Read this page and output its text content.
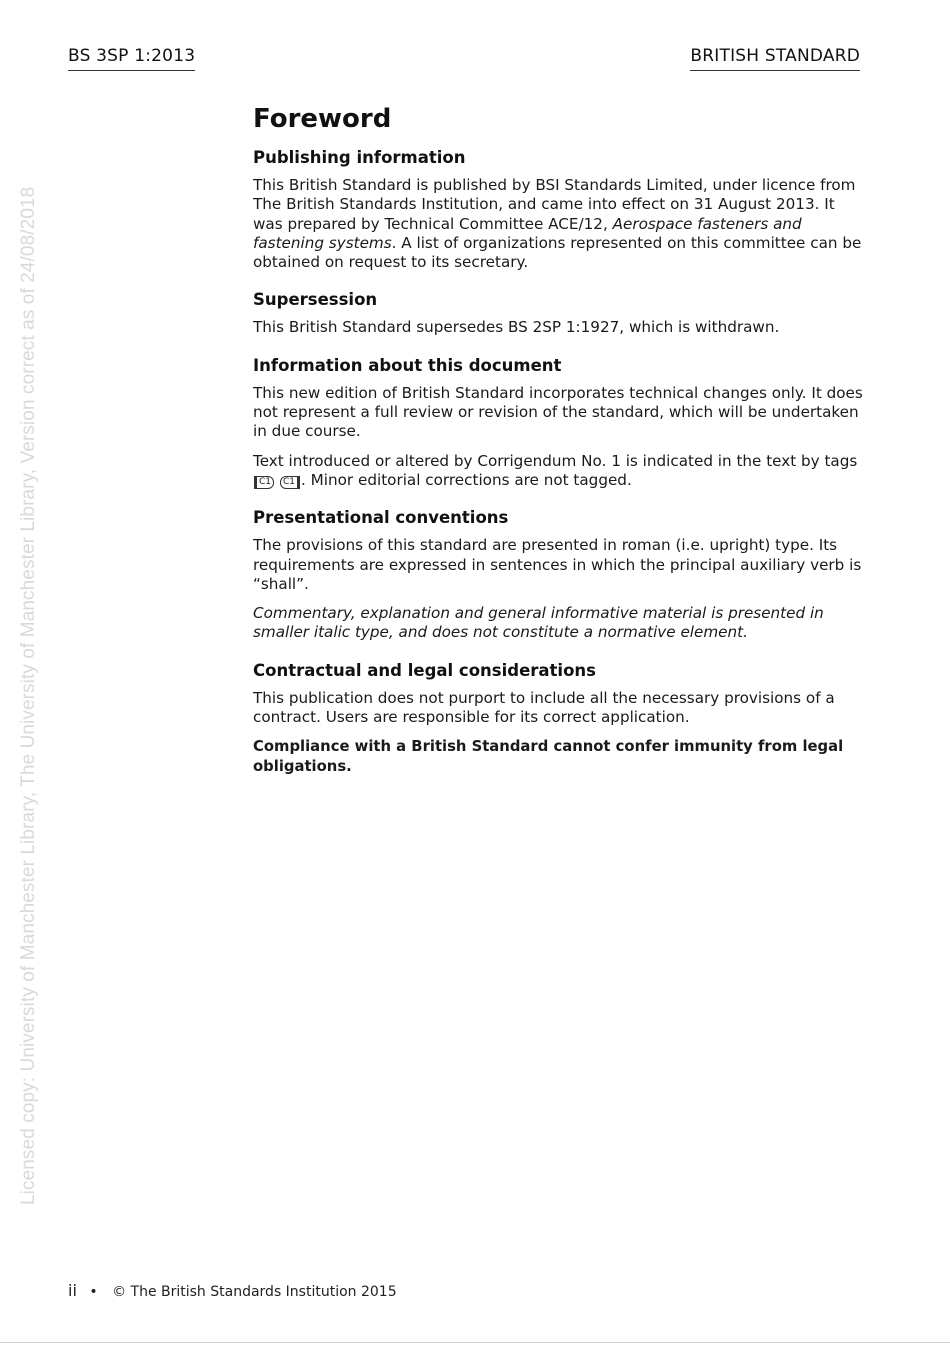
BS 3SP 1:2013	BRITISH STANDARD
Licensed copy: University of Manchester Library, The University of Manchester Library, Version correct as of 24/08/2018
Foreword
Publishing information

This British Standard is published by BSI Standards Limited, under licence from The British Standards Institution, and came into effect on 31 August 2013. It was prepared by Technical Committee ACE/12, Aerospace fasteners and fastening systems. A list of organizations represented on this committee can be obtained on request to its secretary.

Supersession

This British Standard supersedes BS 2SP 1:1927, which is withdrawn.

Information about this document

This new edition of British Standard incorporates technical changes only. It does not represent a full review or revision of the standard, which will be undertaken in due course.

Text introduced or altered by Corrigendum No. 1 is indicated in the text by tags C1 C1 . Minor editorial corrections are not tagged.

Presentational conventions

The provisions of this standard are presented in roman (i.e. upright) type. Its requirements are expressed in sentences in which the principal auxiliary verb is “shall”.

Commentary, explanation and general informative material is presented in smaller italic type, and does not constitute a normative element.

Contractual and legal considerations

This publication does not purport to include all the necessary provisions of a contract. Users are responsible for its correct application.

Compliance with a British Standard cannot confer immunity from legal obligations.

ii • © The British Standards Institution 2015
